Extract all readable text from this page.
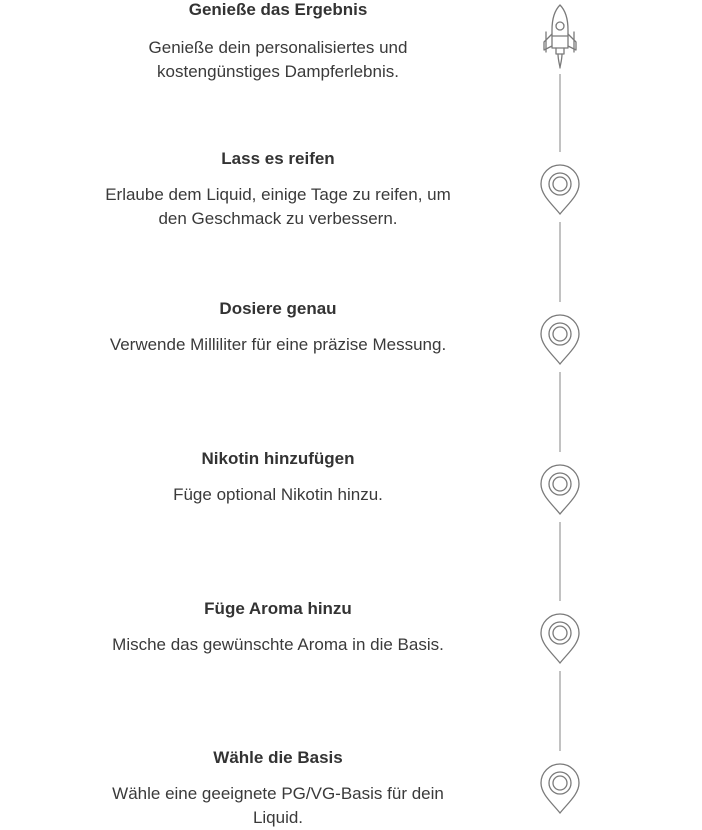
Genieße das Ergebnis
Genieße dein personalisiertes und kostengünstiges Dampferlebnis.
Lass es reifen
Erlaube dem Liquid, einige Tage zu reifen, um den Geschmack zu verbessern.
Dosiere genau
Verwende Milliliter für eine präzise Messung.
Nikotin hinzufügen
Füge optional Nikotin hinzu.
Füge Aroma hinzu
Mische das gewünschte Aroma in die Basis.
Wähle die Basis
Wähle eine geeignete PG/VG-Basis für dein Liquid.
